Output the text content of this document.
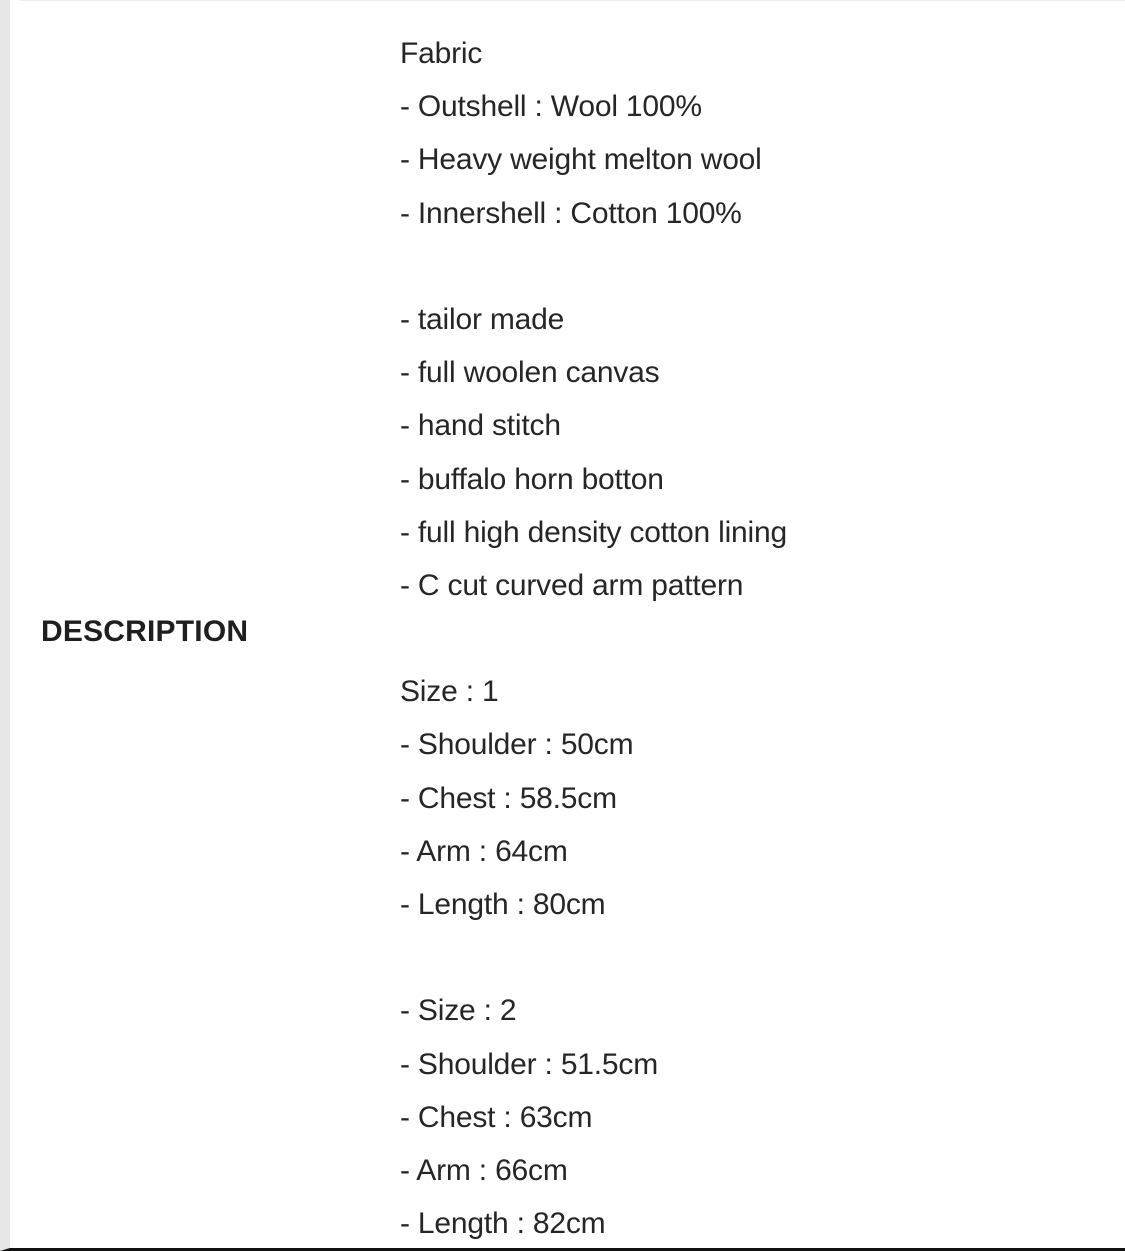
DESCRIPTION
Fabric
- Outshell : Wool 100%
- Heavy weight melton wool
- Innershell : Cotton 100%
- tailor made
- full woolen canvas
- hand stitch
- buffalo horn botton
- full high density cotton lining
- C cut curved arm pattern
Size : 1
- Shoulder : 50cm
- Chest : 58.5cm
- Arm : 64cm
- Length : 80cm
- Size : 2
- Shoulder : 51.5cm
- Chest : 63cm
- Arm : 66cm
- Length : 82cm
